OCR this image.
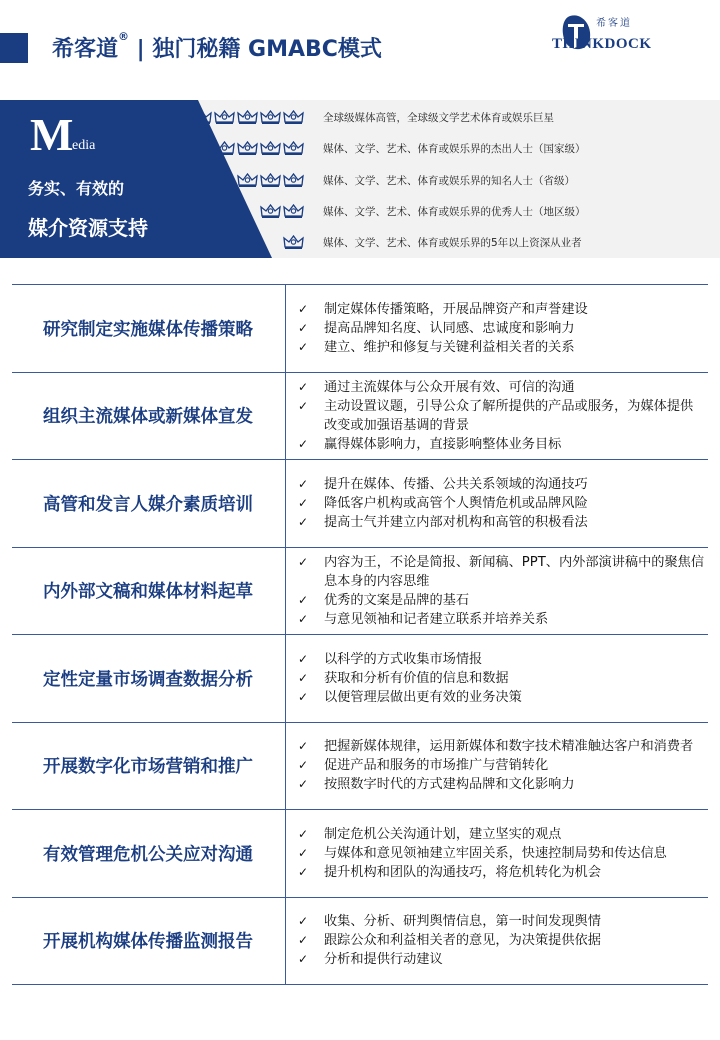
希客道® | 独门秘籍 GMABC模式
希客道
THINKDOCK
M
edia
务实、有效的
媒介资源支持
全球级媒体高管，全球级文学艺术体育或娱乐巨星
媒体、文学、艺术、体育或娱乐界的杰出人士（国家级）
媒体、文学、艺术、体育或娱乐界的知名人士（省级）
媒体、文学、艺术、体育或娱乐界的优秀人士（地区级）
媒体、文学、艺术、体育或娱乐界的5年以上资深从业者
研究制定实施媒体传播策略
✓	制定媒体传播策略，开展品牌资产和声誉建设
✓	提高品牌知名度、认同感、忠诚度和影响力
✓	建立、维护和修复与关键利益相关者的关系
组织主流媒体或新媒体宣发
✓	通过主流媒体与公众开展有效、可信的沟通
✓	主动设置议题，引导公众了解所提供的产品或服务，为媒体提供改变或加强语基调的背景
✓	赢得媒体影响力，直接影响整体业务目标
高管和发言人媒介素质培训
✓	提升在媒体、传播、公共关系领域的沟通技巧
✓	降低客户机构或高管个人舆情危机或品牌风险
✓	提高士气并建立内部对机构和高管的积极看法
内外部文稿和媒体材料起草
✓	内容为王，不论是简报、新闻稿、PPT、内外部演讲稿中的聚焦信息本身的内容思维
✓	优秀的文案是品牌的基石
✓	与意见领袖和记者建立联系并培养关系
定性定量市场调查数据分析
✓	以科学的方式收集市场情报
✓	获取和分析有价值的信息和数据
✓	以便管理层做出更有效的业务决策
开展数字化市场营销和推广
✓	把握新媒体规律，运用新媒体和数字技术精准触达客户和消费者
✓	促进产品和服务的市场推广与营销转化
✓	按照数字时代的方式建构品牌和文化影响力
有效管理危机公关应对沟通
✓	制定危机公关沟通计划，建立坚实的观点
✓	与媒体和意见领袖建立牢固关系，快速控制局势和传达信息
✓	提升机构和团队的沟通技巧，将危机转化为机会
开展机构媒体传播监测报告
✓	收集、分析、研判舆情信息，第一时间发现舆情
✓	跟踪公众和利益相关者的意见，为决策提供依据
✓	分析和提供行动建议
